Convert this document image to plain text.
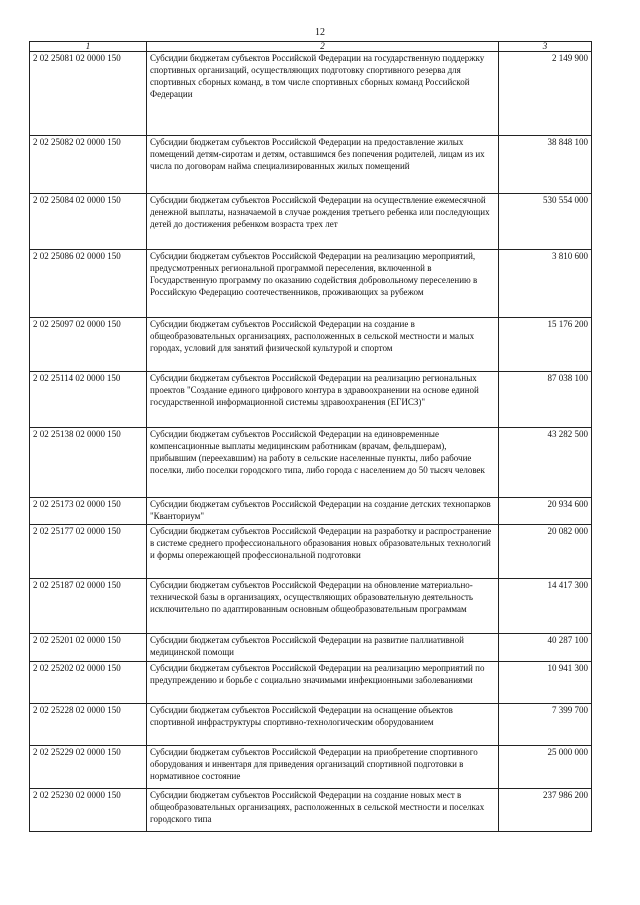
12
1	2	3
2 02 25081 02 0000 150	Субсидии бюджетам субъектов Российской Федерации на государственную поддержку спортивных организаций, осуществляющих подготовку спортивного резерва для спортивных сборных команд, в том числе спортивных сборных команд Российской Федерации	2 149 900
2 02 25082 02 0000 150	Субсидии бюджетам субъектов Российской Федерации на предоставление жилых помещений детям-сиротам и детям, оставшимся без попечения родителей, лицам из их числа по договорам найма специализированных жилых помещений	38 848 100
2 02 25084 02 0000 150	Субсидии бюджетам субъектов Российской Федерации на осуществление ежемесячной денежной выплаты, назначаемой в случае рождения третьего ребенка или последующих детей до достижения ребенком возраста трех лет	530 554 000
2 02 25086 02 0000 150	Субсидии бюджетам субъектов Российской Федерации на реализацию мероприятий, предусмотренных региональной программой переселения, включенной в Государственную программу по оказанию содействия добровольному переселению в Российскую Федерацию соотечественников, проживающих за рубежом	3 810 600
2 02 25097 02 0000 150	Субсидии бюджетам субъектов Российской Федерации на создание в общеобразовательных организациях, расположенных в сельской местности и малых городах, условий для занятий физической культурой и спортом	15 176 200
2 02 25114 02 0000 150	Субсидии бюджетам субъектов Российской Федерации на реализацию региональных проектов "Создание единого цифрового контура в здравоохранении на основе единой государственной информационной системы здравоохранения (ЕГИСЗ)"	87 038 100
2 02 25138 02 0000 150	Субсидии бюджетам субъектов Российской Федерации на единовременные компенсационные выплаты медицинским работникам (врачам, фельдшерам), прибывшим (переехавшим) на работу в сельские населенные пункты, либо рабочие поселки, либо поселки городского типа, либо города с населением до 50 тысяч человек	43 282 500
2 02 25173 02 0000 150	Субсидии бюджетам субъектов Российской Федерации на создание детских технопарков "Кванториум"	20 934 600
2 02 25177 02 0000 150	Субсидии бюджетам субъектов Российской Федерации на разработку и распространение в системе среднего профессионального образования новых образовательных технологий и формы опережающей профессиональной подготовки	20 082 000
2 02 25187 02 0000 150	Субсидии бюджетам субъектов Российской Федерации на обновление материально-технической базы в организациях, осуществляющих образовательную деятельность исключительно по адаптированным основным общеобразовательным программам	14 417 300
2 02 25201 02 0000 150	Субсидии бюджетам субъектов Российской Федерации на развитие паллиативной медицинской помощи	40 287 100
2 02 25202 02 0000 150	Субсидии бюджетам субъектов Российской Федерации на реализацию мероприятий по предупреждению и борьбе с социально значимыми инфекционными заболеваниями	10 941 300
2 02 25228 02 0000 150	Субсидии бюджетам субъектов Российской Федерации на оснащение объектов спортивной инфраструктуры спортивно-технологическим оборудованием	7 399 700
2 02 25229 02 0000 150	Субсидии бюджетам субъектов Российской Федерации на приобретение спортивного оборудования и инвентаря для приведения организаций спортивной подготовки в нормативное состояние	25 000 000
2 02 25230 02 0000 150	Субсидии бюджетам субъектов Российской Федерации на создание новых мест в общеобразовательных организациях, расположенных в сельской местности и поселках городского типа	237 986 200
